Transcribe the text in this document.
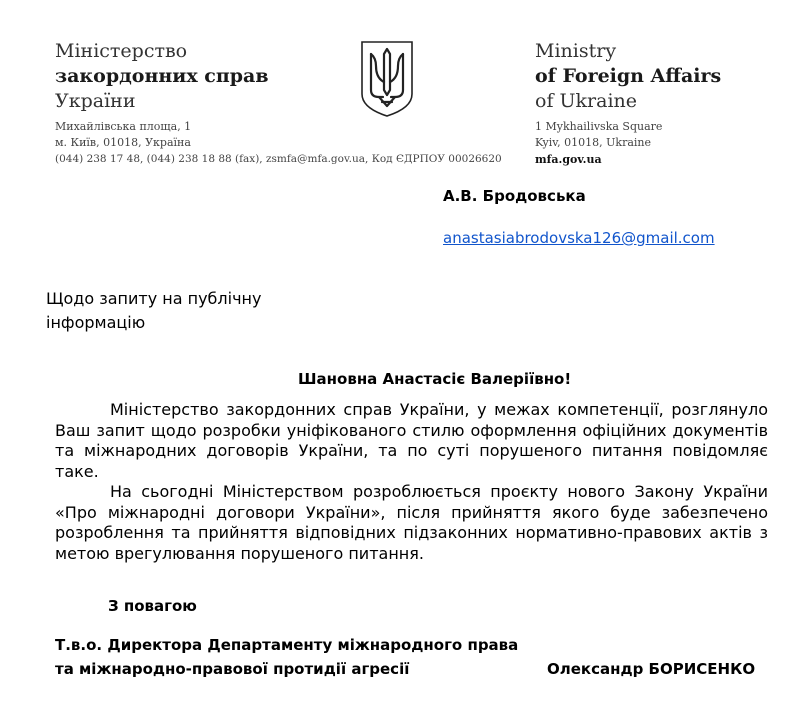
Міністерство
закордонних справ
України
Михайлівська площа, 1
м. Київ, 01018, Україна
(044) 238 17 48, (044) 238 18 88 (fax), zsmfa@mfa.gov.ua, Код ЄДРПОУ 00026620
Ministry
of Foreign Affairs
of Ukraine
1 Mykhailivska Square
Kyiv, 01018, Ukraine
mfa.gov.ua
А.В. Бродовська
anastasiabrodovska126@gmail.com
Щодо запиту на публічну
інформацію
Шановна Анастасіє Валеріївно!

Міністерство закордонних справ України, у межах компетенції, розглянуло Ваш запит щодо розробки уніфікованого стилю оформлення офіційних документів та міжнародних договорів України, та по суті порушеного питання повідомляє таке.

На сьогодні Міністерством розроблюється проєкту нового Закону України «Про міжнародні договори України», після прийняття якого буде забезпечено розроблення та прийняття відповідних підзаконних нормативно-правових актів з метою врегулювання порушеного питання.

З повагою
Т.в.о. Директора Департаменту міжнародного права
та міжнародно-правової протидії агресії	Олександр БОРИСЕНКО
